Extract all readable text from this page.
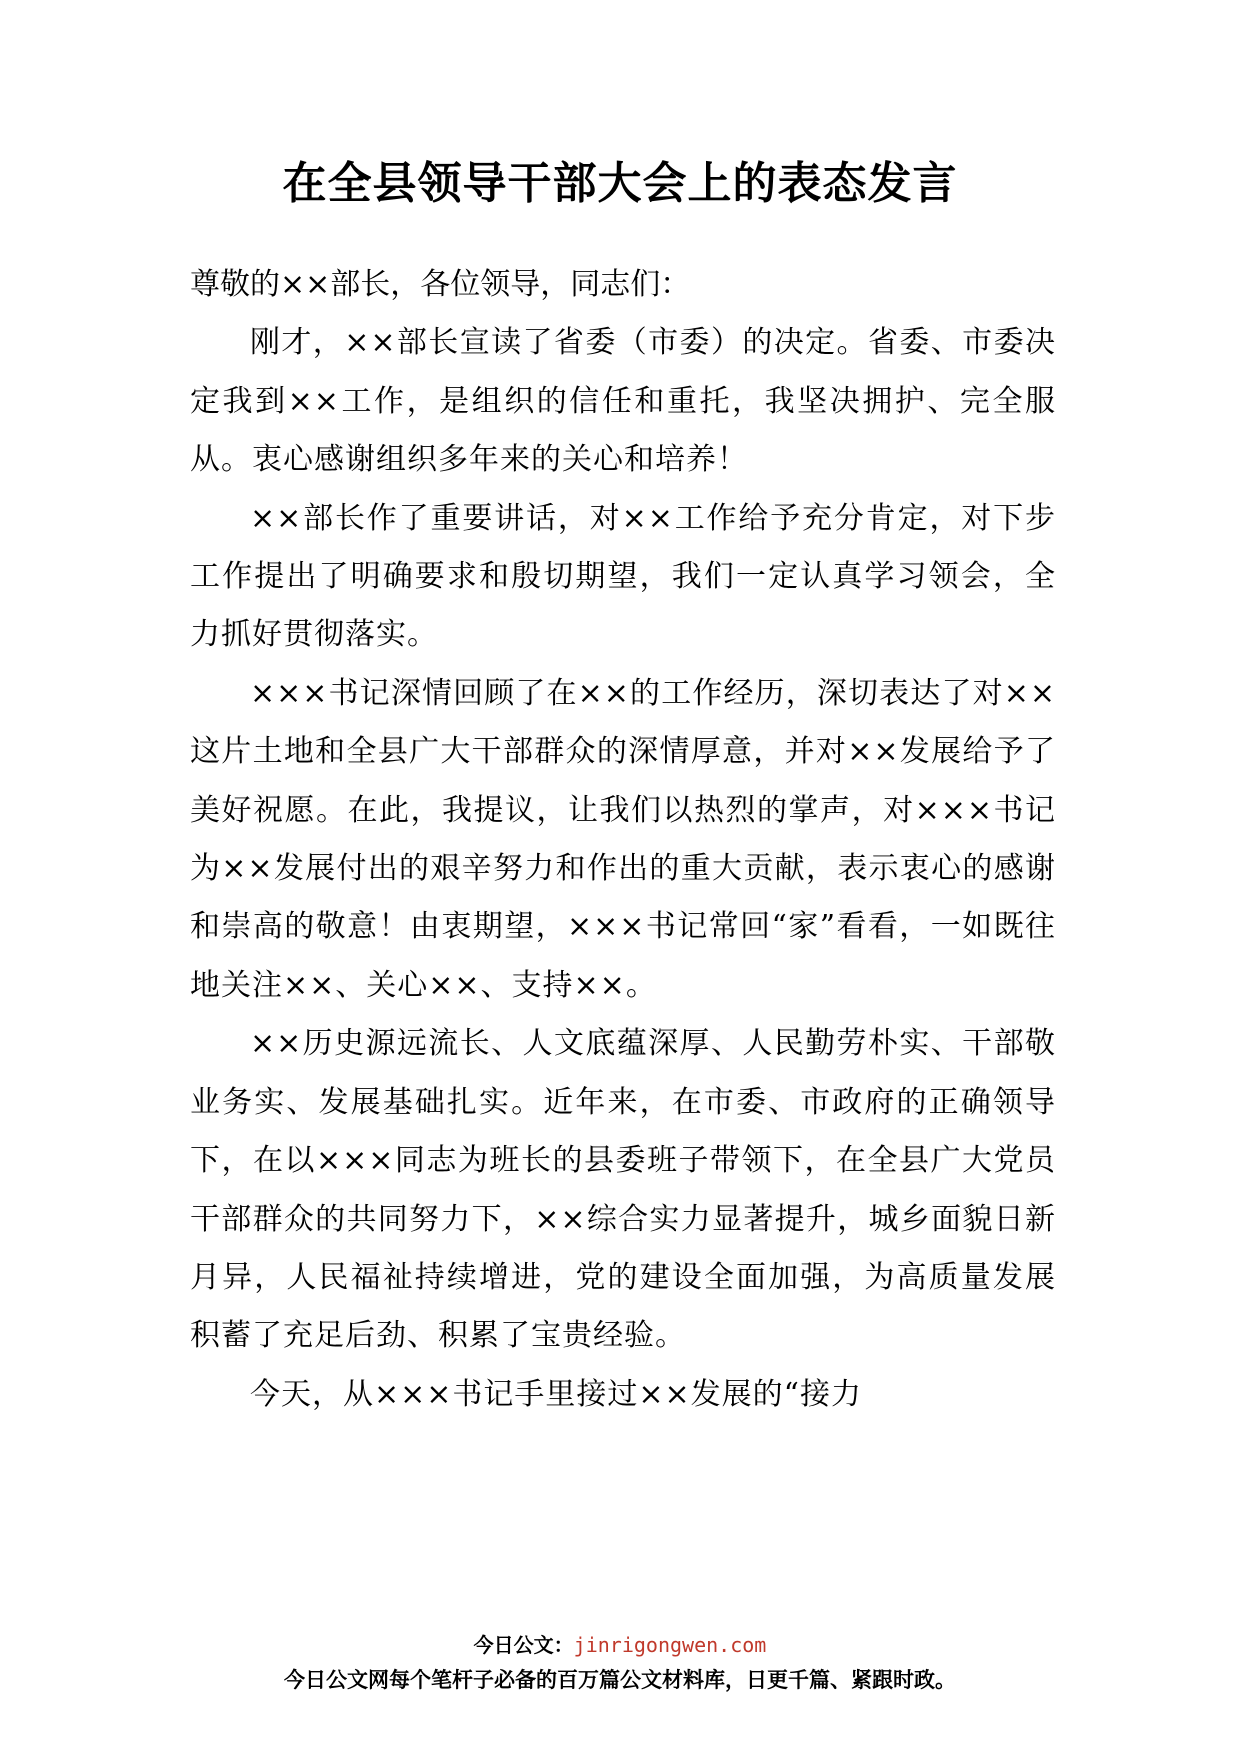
在全县领导干部大会上的表态发言

尊敬的××部长，各位领导，同志们：

刚才，××部长宣读了省委（市委）的决定。省委、市委决定我到××工作，是组织的信任和重托，我坚决拥护、完全服从。衷心感谢组织多年来的关心和培养！

××部长作了重要讲话，对××工作给予充分肯定，对下步工作提出了明确要求和殷切期望，我们一定认真学习领会，全力抓好贯彻落实。

×××书记深情回顾了在××的工作经历，深切表达了对××这片土地和全县广大干部群众的深情厚意，并对××发展给予了美好祝愿。在此，我提议，让我们以热烈的掌声，对×××书记为××发展付出的艰辛努力和作出的重大贡献，表示衷心的感谢和崇高的敬意！由衷期望，×××书记常回“家”看看，一如既往地关注××、关心××、支持××。

××历史源远流长、人文底蕴深厚、人民勤劳朴实、干部敬业务实、发展基础扎实。近年来，在市委、市政府的正确领导下，在以×××同志为班长的县委班子带领下，在全县广大党员干部群众的共同努力下，××综合实力显著提升，城乡面貌日新月异，人民福祉持续增进，党的建设全面加强，为高质量发展积蓄了充足后劲、积累了宝贵经验。

今天，从×××书记手里接过××发展的“接力

今日公文：jinrigongwen.com
今日公文网每个笔杆子必备的百万篇公文材料库，日更千篇、紧跟时政。
